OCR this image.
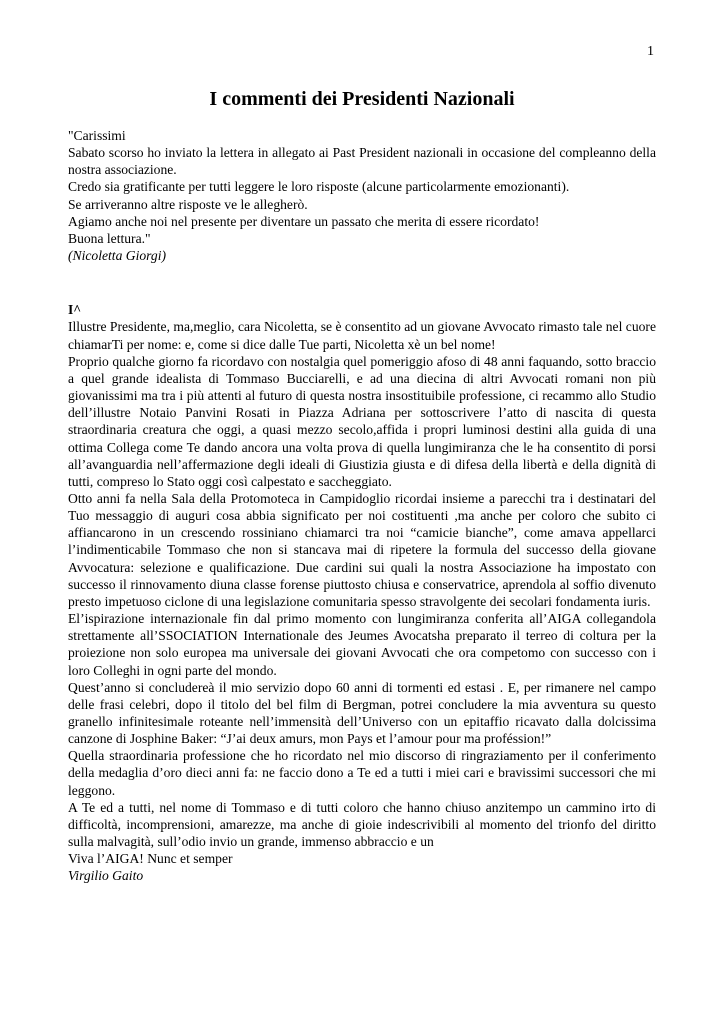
1
I commenti dei Presidenti Nazionali

"Carissimi

Sabato scorso ho inviato la lettera in allegato ai Past President nazionali in occasione del compleanno della nostra associazione.

Credo sia gratificante per tutti leggere le loro risposte (alcune particolarmente emozionanti).

Se arriveranno altre risposte ve le allegherò.

Agiamo anche noi nel presente per diventare un passato che merita di essere ricordato!

Buona lettura."

(Nicoletta Giorgi)

I^

Illustre Presidente, ma,meglio, cara Nicoletta, se è consentito ad un giovane Avvocato rimasto tale nel cuore chiamarTi per nome: e, come si dice dalle Tue parti, Nicoletta xè un bel nome!

Proprio qualche giorno fa ricordavo con nostalgia quel pomeriggio afoso di 48 anni faquando, sotto braccio a quel grande idealista di Tommaso Bucciarelli, e ad una diecina di altri Avvocati romani non più giovanissimi ma tra i più attenti al futuro di questa nostra insostituibile professione, ci recammo allo Studio dell’illustre Notaio Panvini Rosati in Piazza Adriana per sottoscrivere l’atto di nascita di questa straordinaria creatura che oggi, a quasi mezzo secolo,affida i propri luminosi destini alla guida di una ottima Collega come Te dando ancora una volta prova di quella lungimiranza che le ha consentito di porsi all’avanguardia nell’affermazione degli ideali di Giustizia giusta e di difesa della libertà e della dignità di tutti, compreso lo Stato oggi così calpestato e saccheggiato.

Otto anni fa nella Sala della Protomoteca in Campidoglio ricordai insieme a parecchi tra i destinatari del Tuo messaggio di auguri cosa abbia significato per noi costituenti ,ma anche per coloro che subito ci affiancarono in un crescendo rossiniano chiamarci tra noi “camicie bianche”, come amava appellarci l’indimenticabile Tommaso che non si stancava mai di ripetere la formula del successo della giovane Avvocatura: selezione e qualificazione. Due cardini sui quali la nostra Associazione ha impostato con successo il rinnovamento diuna classe forense piuttosto chiusa e conservatrice, aprendola al soffio divenuto presto impetuoso ciclone di una legislazione comunitaria spesso stravolgente dei secolari fondamenta iuris.

El’ispirazione internazionale fin dal primo momento con lungimiranza conferita all’AIGA collegandola strettamente all’SSOCIATION Internationale des Jeumes Avocatsha preparato il terreo di coltura per la proiezione non solo europea ma universale dei giovani Avvocati che ora competomo con successo con i loro Colleghi in ogni parte del mondo.

Quest’anno si concludereà il mio servizio dopo 60 anni di tormenti ed estasi . E, per rimanere nel campo delle frasi celebri, dopo il titolo del bel film di Bergman, potrei concludere la mia avventura su questo granello infinitesimale roteante nell’immensità dell’Universo con un epitaffio ricavato dalla dolcissima canzone di Josphine Baker: “J’ai deux amurs, mon Pays et l’amour pour ma proféssion!”

Quella straordinaria professione che ho ricordato nel mio discorso di ringraziamento per il conferimento della medaglia d’oro dieci anni fa: ne faccio dono a Te ed a tutti i miei cari e bravissimi successori che mi leggono.

A Te ed a tutti, nel nome di Tommaso e di tutti coloro che hanno chiuso anzitempo un cammino irto di difficoltà, incomprensioni, amarezze, ma anche di gioie indescrivibili al momento del trionfo del diritto sulla malvagità, sull’odio invio un grande, immenso abbraccio e un

Viva l’AIGA! Nunc et semper

Virgilio Gaito
